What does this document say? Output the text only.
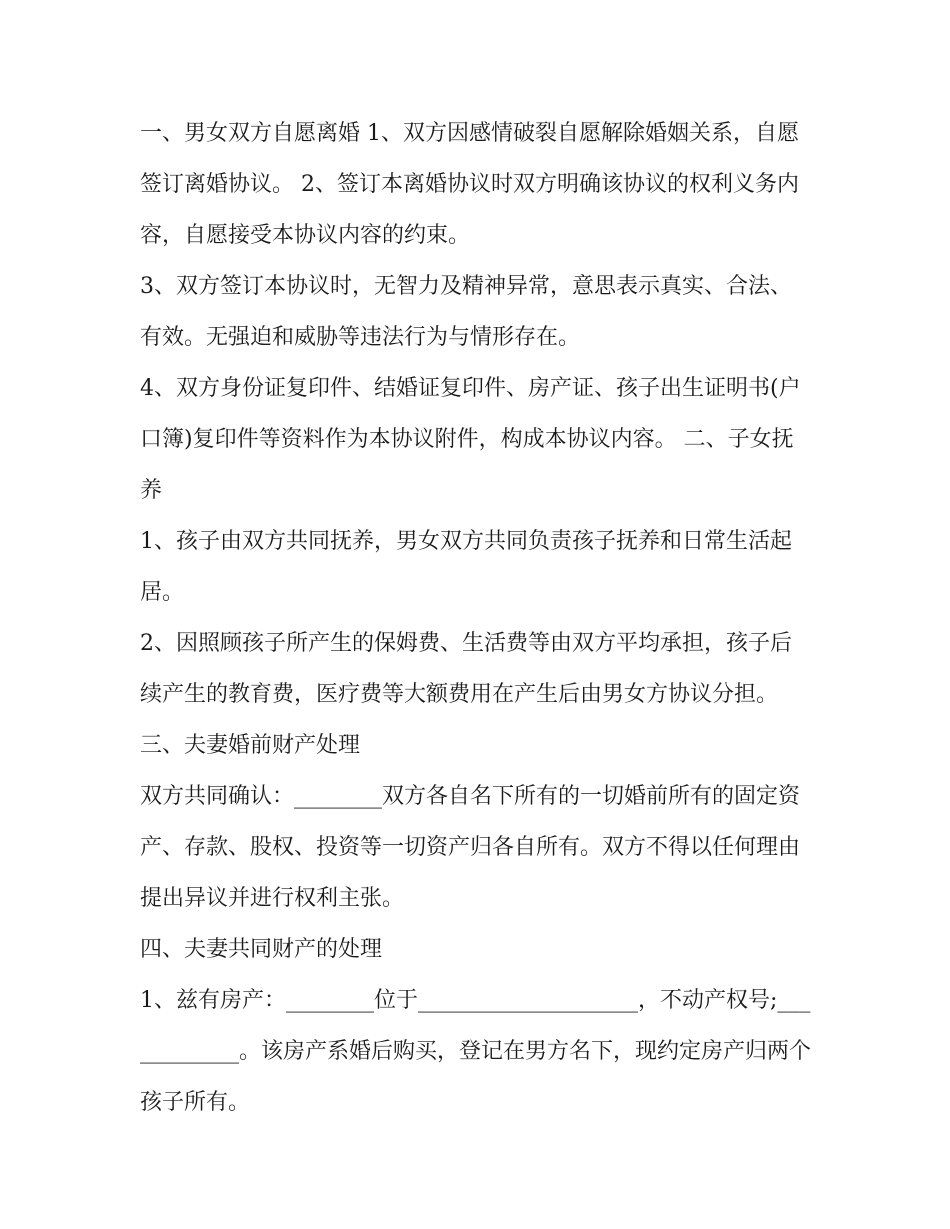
一、男女双方自愿离婚 1、双方因感情破裂自愿解除婚姻关系，自愿签订离婚协议。 2、签订本离婚协议时双方明确该协议的权利义务内容，自愿接受本协议内容的约束。

3、双方签订本协议时，无智力及精神异常，意思表示真实、合法、有效。无强迫和威胁等违法行为与情形存在。

4、双方身份证复印件、结婚证复印件、房产证、孩子出生证明书(户口簿)复印件等资料作为本协议附件，构成本协议内容。 二、子女抚养

1、孩子由双方共同抚养，男女双方共同负责孩子抚养和日常生活起居。

2、因照顾孩子所产生的保姆费、生活费等由双方平均承担，孩子后续产生的教育费，医疗费等大额费用在产生后由男女方协议分担。 三、夫妻婚前财产处理

双方共同确认：________双方各自名下所有的一切婚前所有的固定资产、存款、股权、投资等一切资产归各自所有。双方不得以任何理由提出异议并进行权利主张。

四、夫妻共同财产的处理

1、兹有房产：________位于____________________，不动产权号;____________。该房产系婚后购买，登记在男方名下，现约定房产归两个孩子所有。
